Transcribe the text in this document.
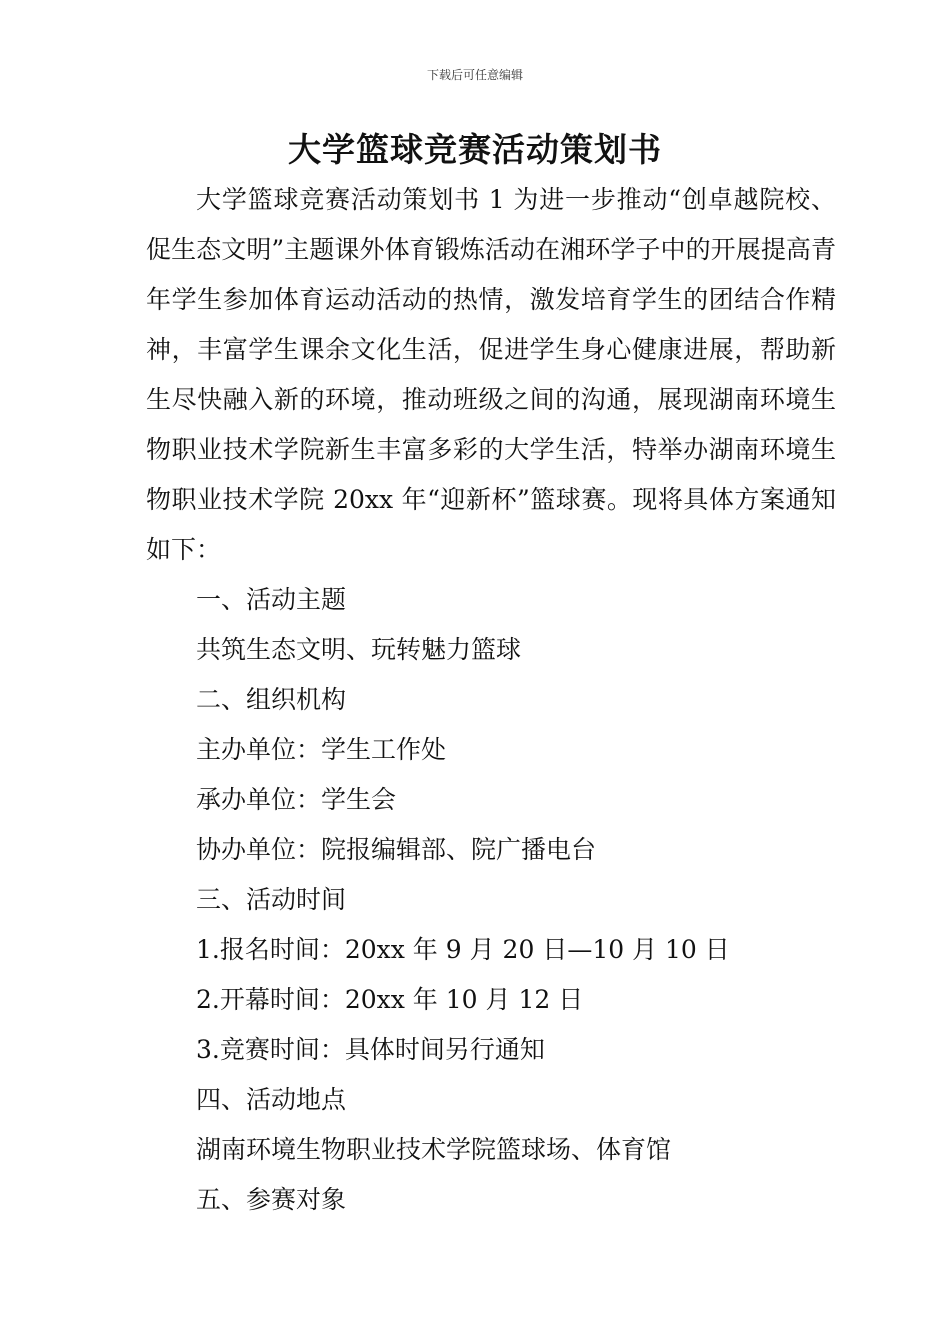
下载后可任意编辑
大学篮球竞赛活动策划书

大学篮球竞赛活动策划书 1 为进一步推动“创卓越院校、促生态文明”主题课外体育锻炼活动在湘环学子中的开展提高青年学生参加体育运动活动的热情，激发培育学生的团结合作精神，丰富学生课余文化生活，促进学生身心健康进展，帮助新生尽快融入新的环境，推动班级之间的沟通，展现湖南环境生物职业技术学院新生丰富多彩的大学生活，特举办湖南环境生物职业技术学院 20xx 年“迎新杯”篮球赛。现将具体方案通知如下：

一、活动主题

共筑生态文明、玩转魅力篮球

二、组织机构

主办单位：学生工作处

承办单位：学生会

协办单位：院报编辑部、院广播电台

三、活动时间

1.报名时间：20xx 年 9 月 20 日—10 月 10 日

2.开幕时间：20xx 年 10 月 12 日

3.竞赛时间：具体时间另行通知

四、活动地点

湖南环境生物职业技术学院篮球场、体育馆

五、参赛对象
